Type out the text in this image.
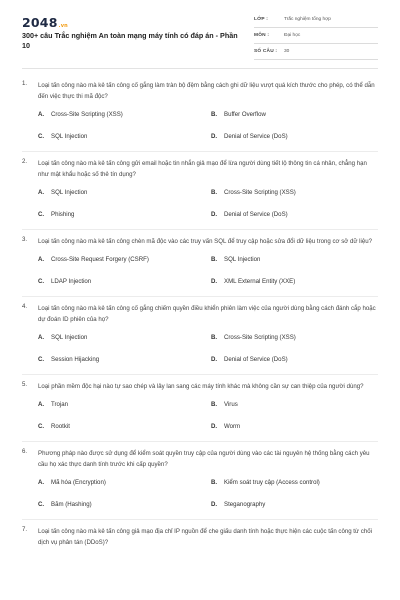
2048.vn
300+ câu Trắc nghiệm An toàn mạng máy tính có đáp án - Phần 10
LỚP :	Trắc nghiệm tổng hợp
MÔN :	Đại học
SỐ CÂU : 30
1.	Loại tấn công nào mà kẻ tấn công cố gắng làm tràn bộ đệm bằng cách ghi dữ liệu vượt quá kích thước cho phép, có thể dẫn đến việc thực thi mã độc?
A. Cross-Site Scripting (XSS)	B. Buffer Overflow
C. SQL Injection	D. Denial of Service (DoS)
2.	Loại tấn công nào mà kẻ tấn công gửi email hoặc tin nhắn giả mạo để lừa người dùng tiết lộ thông tin cá nhân, chẳng hạn như mật khẩu hoặc số thẻ tín dụng?
A. SQL Injection	B. Cross-Site Scripting (XSS)
C. Phishing	D. Denial of Service (DoS)
3.	Loại tấn công nào mà kẻ tấn công chèn mã độc vào các truy vấn SQL để truy cập hoặc sửa đổi dữ liệu trong cơ sở dữ liệu?
A. Cross-Site Request Forgery (CSRF)	B. SQL Injection
C. LDAP Injection	D. XML External Entity (XXE)
4.	Loại tấn công nào mà kẻ tấn công cố gắng chiếm quyền điều khiển phiên làm việc của người dùng bằng cách đánh cắp hoặc dự đoán ID phiên của họ?
A. SQL Injection	B. Cross-Site Scripting (XSS)
C. Session Hijacking	D. Denial of Service (DoS)
5.	Loại phần mềm độc hại nào tự sao chép và lây lan sang các máy tính khác mà không cần sự can thiệp của người dùng?
A. Trojan	B. Virus
C. Rootkit	D. Worm
6.	Phương pháp nào được sử dụng để kiểm soát quyền truy cập của người dùng vào các tài nguyên hệ thống bằng cách yêu cầu họ xác thực danh tính trước khi cấp quyền?
A. Mã hóa (Encryption)	B. Kiểm soát truy cập (Access control)
C. Băm (Hashing)	D. Steganography
7.	Loại tấn công nào mà kẻ tấn công giả mạo địa chỉ IP nguồn để che giấu danh tính hoặc thực hiện các cuộc tấn công từ chối dịch vụ phân tán (DDoS)?
